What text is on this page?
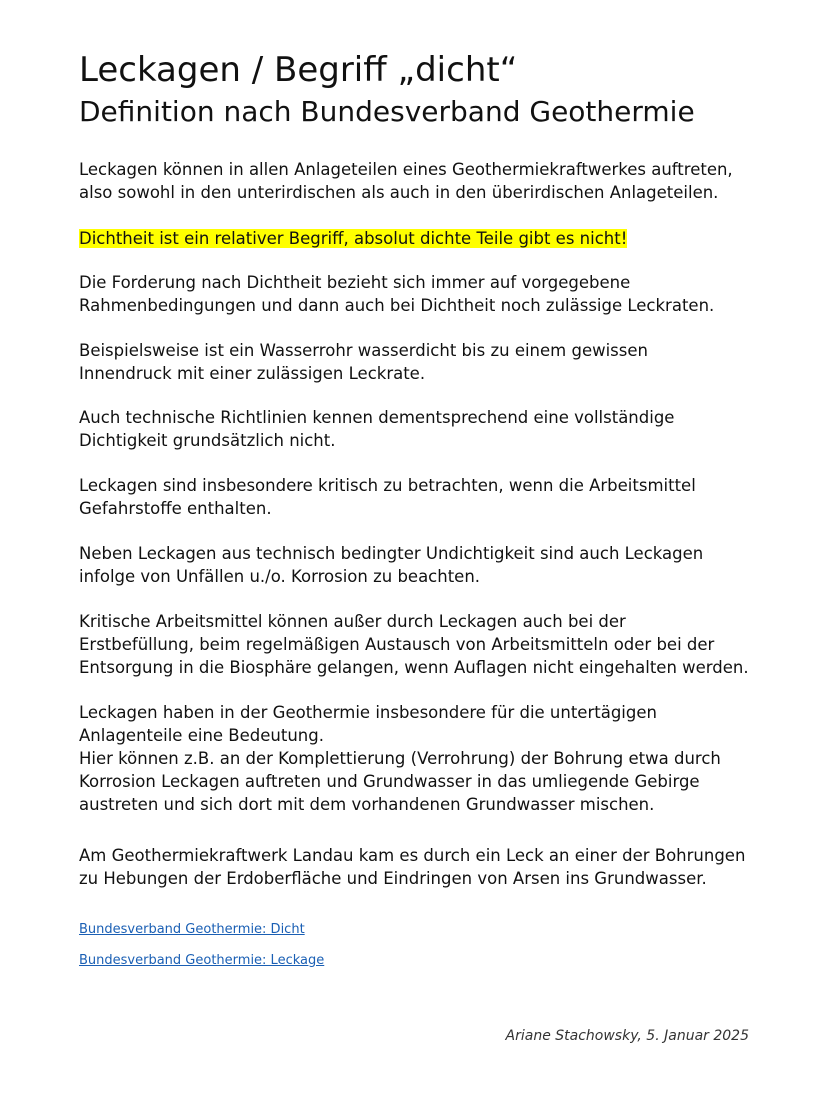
Leckagen / Begriff „dicht“
Definition nach Bundesverband Geothermie

Leckagen können in allen Anlageteilen eines Geothermiekraftwerkes auftreten,
also sowohl in den unterirdischen als auch in den überirdischen Anlageteilen.

Dichtheit ist ein relativer Begriff, absolut dichte Teile gibt es nicht!

Die Forderung nach Dichtheit bezieht sich immer auf vorgegebene
Rahmenbedingungen und dann auch bei Dichtheit noch zulässige Leckraten.

Beispielsweise ist ein Wasserrohr wasserdicht bis zu einem gewissen
Innendruck mit einer zulässigen Leckrate.

Auch technische Richtlinien kennen dementsprechend eine vollständige
Dichtigkeit grundsätzlich nicht.

Leckagen sind insbesondere kritisch zu betrachten, wenn die Arbeitsmittel
Gefahrstoffe enthalten.

Neben Leckagen aus technisch bedingter Undichtigkeit sind auch Leckagen
infolge von Unfällen u./o. Korrosion zu beachten.

Kritische Arbeitsmittel können außer durch Leckagen auch bei der
Erstbefüllung, beim regelmäßigen Austausch von Arbeitsmitteln oder bei der
Entsorgung in die Biosphäre gelangen, wenn Auflagen nicht eingehalten werden.

Leckagen haben in der Geothermie insbesondere für die untertägigen
Anlagenteile eine Bedeutung.
Hier können z.B. an der Komplettierung (Verrohrung) der Bohrung etwa durch
Korrosion Leckagen auftreten und Grundwasser in das umliegende Gebirge
austreten und sich dort mit dem vorhandenen Grundwasser mischen.

Am Geothermiekraftwerk Landau kam es durch ein Leck an einer der Bohrungen
zu Hebungen der Erdoberfläche und Eindringen von Arsen ins Grundwasser.

Bundesverband Geothermie: Dicht
Bundesverband Geothermie: Leckage
Ariane Stachowsky, 5. Januar 2025
